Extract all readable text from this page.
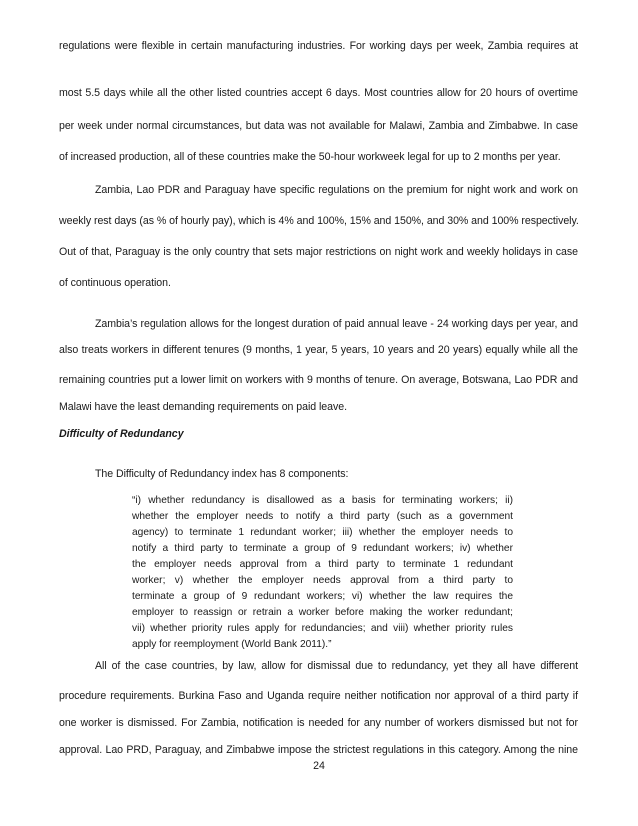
regulations were flexible in certain manufacturing industries. For working days per week, Zambia requires at
most 5.5 days while all the other listed countries accept 6 days. Most countries allow for 20 hours of overtime
per week under normal circumstances, but data was not available for Malawi, Zambia and Zimbabwe. In case
of increased production, all of these countries make the 50-hour workweek legal for up to 2 months per year.
Zambia, Lao PDR and Paraguay have specific regulations on the premium for night work and work on
weekly rest days (as % of hourly pay), which is 4% and 100%, 15% and 150%, and 30% and 100% respectively.
Out of that, Paraguay is the only country that sets major restrictions on night work and weekly holidays in case
of continuous operation.
Zambia’s regulation allows for the longest duration of paid annual leave - 24 working days per year, and
also treats workers in different tenures (9 months, 1 year, 5 years, 10 years and 20 years) equally while all the
remaining countries put a lower limit on workers with 9 months of tenure. On average, Botswana, Lao PDR and
Malawi have the least demanding requirements on paid leave.
Difficulty of Redundancy
The Difficulty of Redundancy index has 8 components:
“i) whether redundancy is disallowed as a basis for terminating workers; ii)
whether the employer needs to notify a third party (such as a government
agency) to terminate 1 redundant worker; iii) whether the employer needs to
notify a third party to terminate a group of 9 redundant workers; iv) whether
the employer needs approval from a third party to terminate 1 redundant
worker; v) whether the employer needs approval from a third party to
terminate a group of 9 redundant workers; vi) whether the law requires the
employer to reassign or retrain a worker before making the worker redundant;
vii) whether priority rules apply for redundancies; and viii) whether priority rules
apply for reemployment (World Bank 2011).”
All of the case countries, by law, allow for dismissal due to redundancy, yet they all have different
procedure requirements. Burkina Faso and Uganda require neither notification nor approval of a third party if
one worker is dismissed. For Zambia, notification is needed for any number of workers dismissed but not for
approval. Lao PRD, Paraguay, and Zimbabwe impose the strictest regulations in this category. Among the nine
24
